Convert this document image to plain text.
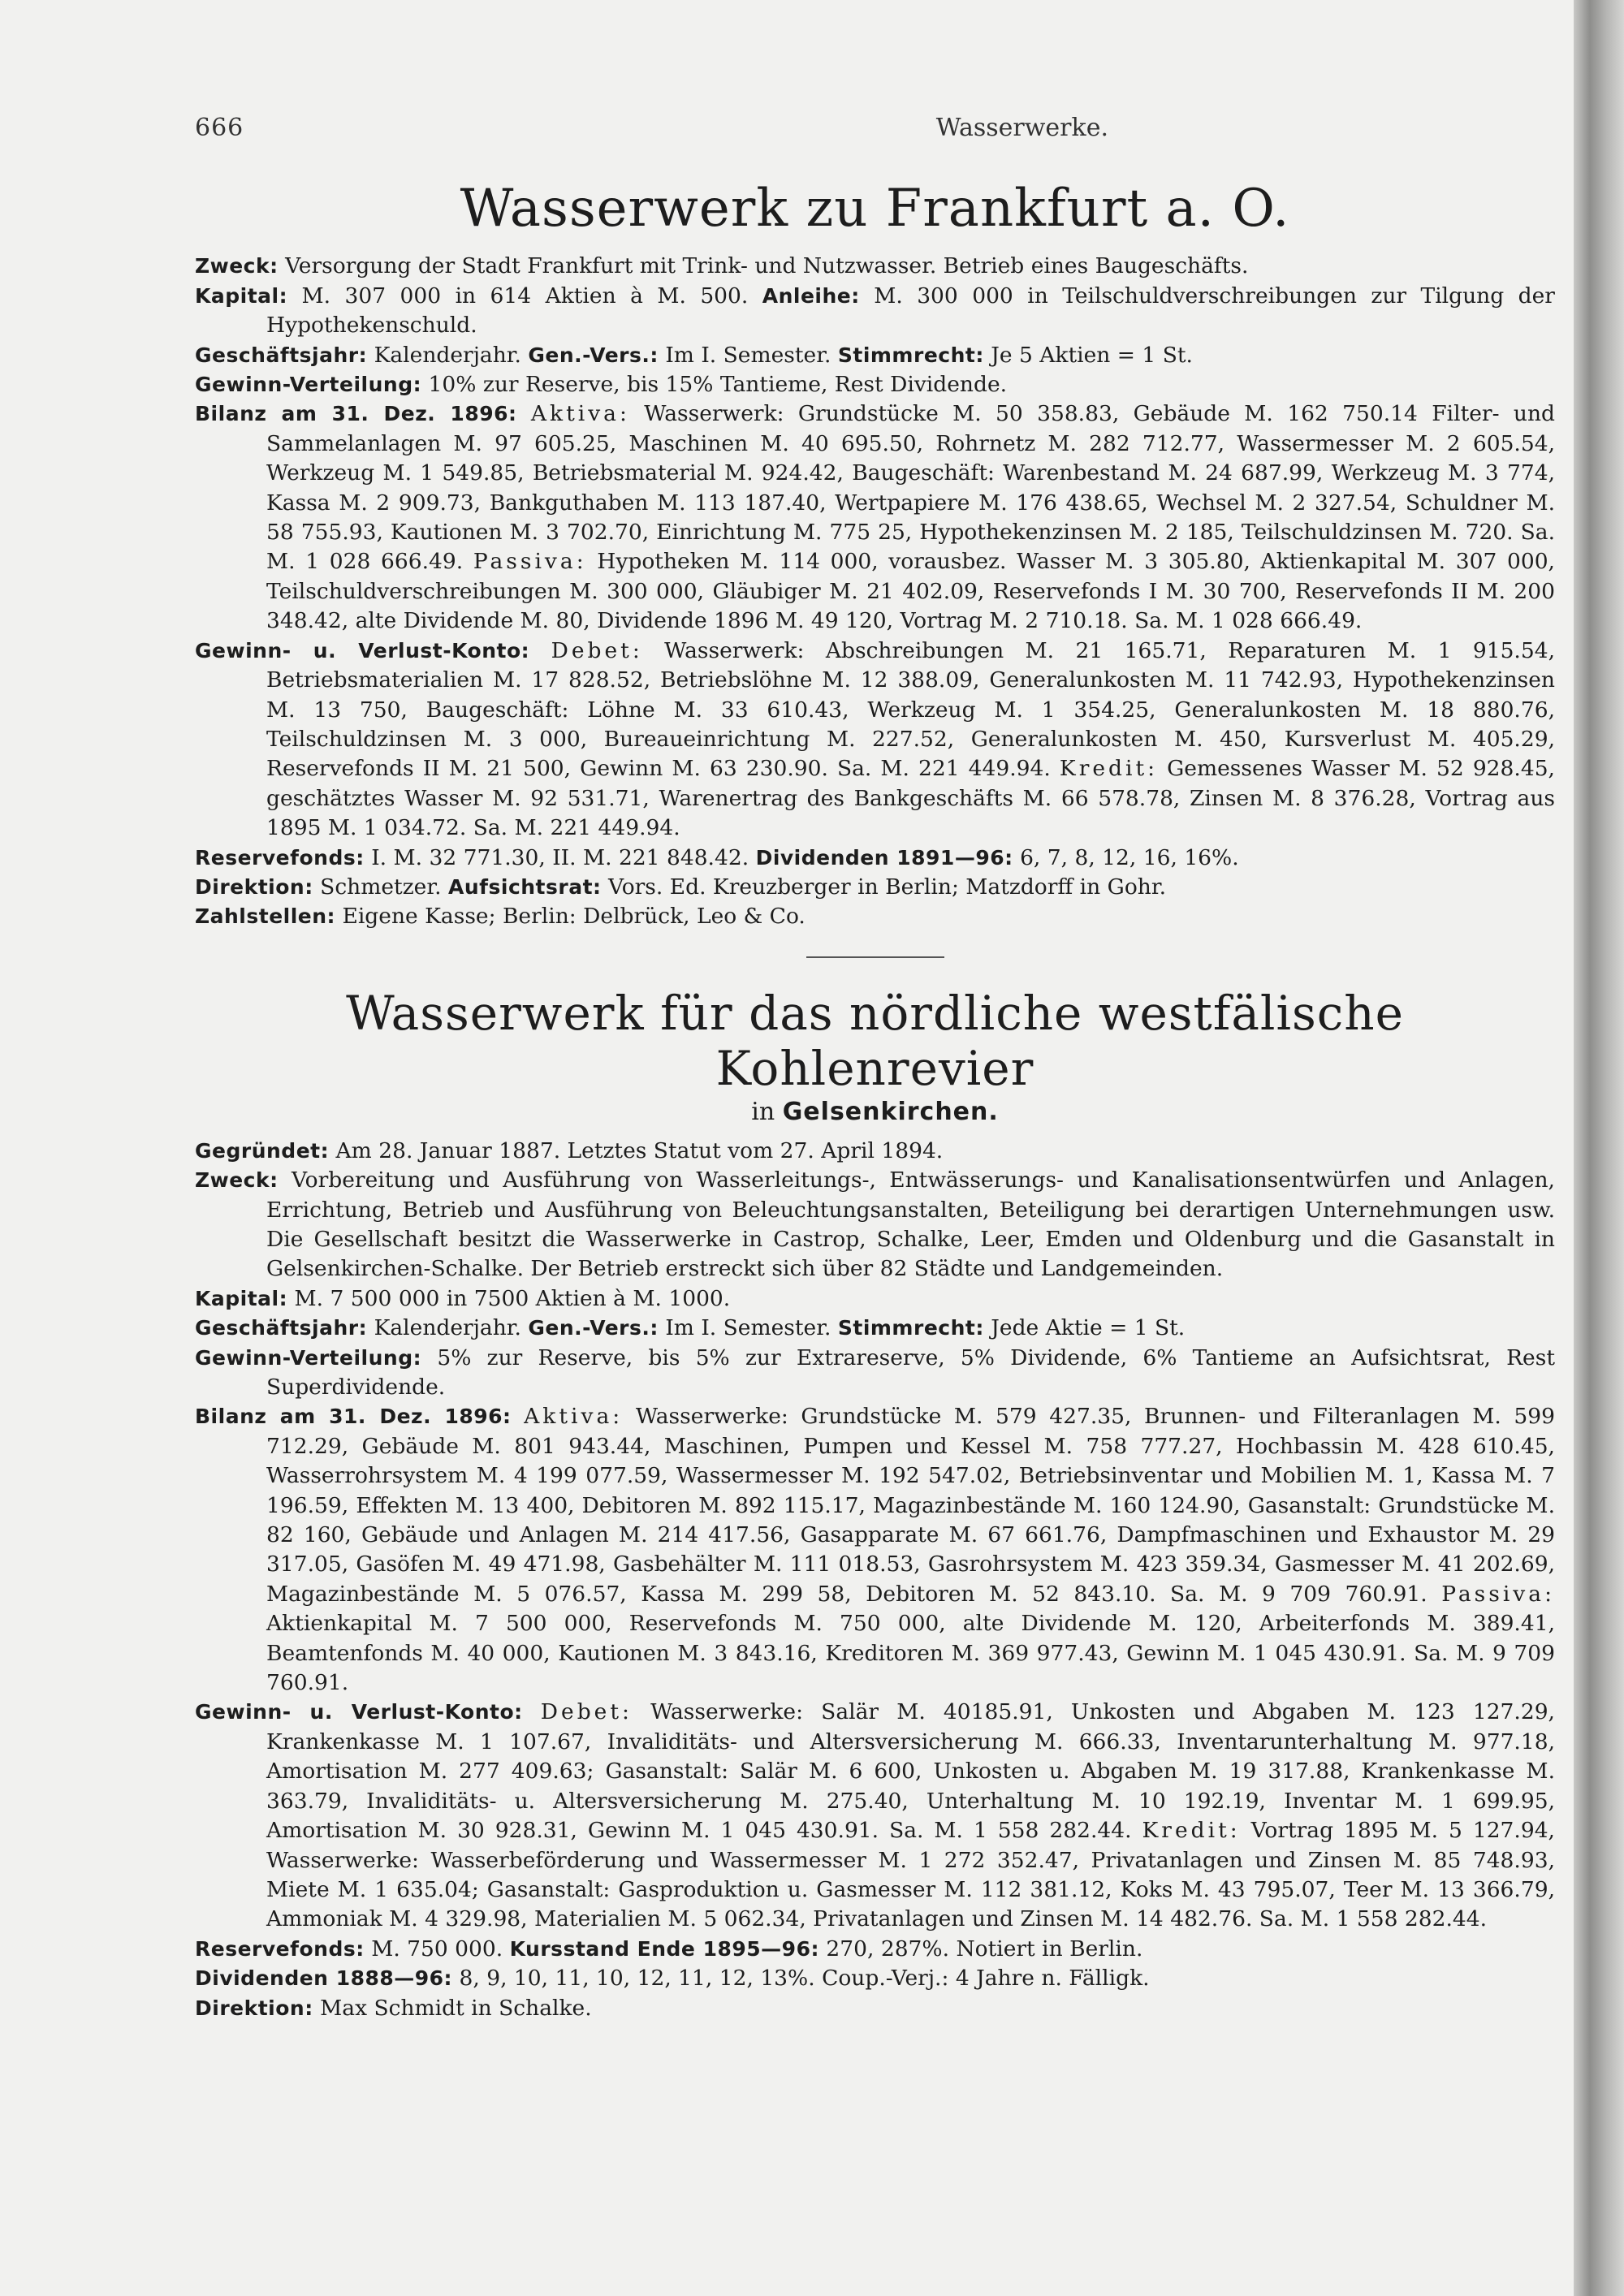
666	Wasserwerke.
Wasserwerk zu Frankfurt a. O.

Zweck: Versorgung der Stadt Frankfurt mit Trink- und Nutzwasser. Betrieb eines Baugeschäfts.

Kapital: M. 307 000 in 614 Aktien à M. 500. Anleihe: M. 300 000 in Teilschuldverschreibungen zur Tilgung der Hypothekenschuld.

Geschäftsjahr: Kalenderjahr. Gen.-Vers.: Im I. Semester. Stimmrecht: Je 5 Aktien = 1 St.

Gewinn-Verteilung: 10% zur Reserve, bis 15% Tantieme, Rest Dividende.

Bilanz am 31. Dez. 1896: Aktiva: Wasserwerk: Grundstücke M. 50 358.83, Gebäude M. 162 750.14 Filter- und Sammelanlagen M. 97 605.25, Maschinen M. 40 695.50, Rohrnetz M. 282 712.77, Wassermesser M. 2 605.54, Werkzeug M. 1 549.85, Betriebsmaterial M. 924.42, Baugeschäft: Warenbestand M. 24 687.99, Werkzeug M. 3 774, Kassa M. 2 909.73, Bankguthaben M. 113 187.40, Wertpapiere M. 176 438.65, Wechsel M. 2 327.54, Schuldner M. 58 755.93, Kautionen M. 3 702.70, Einrichtung M. 775 25, Hypothekenzinsen M. 2 185, Teilschuldzinsen M. 720. Sa. M. 1 028 666.49. Passiva: Hypotheken M. 114 000, vorausbez. Wasser M. 3 305.80, Aktienkapital M. 307 000, Teilschuldverschreibungen M. 300 000, Gläubiger M. 21 402.09, Reservefonds I M. 30 700, Reservefonds II M. 200 348.42, alte Dividende M. 80, Dividende 1896 M. 49 120, Vortrag M. 2 710.18. Sa. M. 1 028 666.49.

Gewinn- u. Verlust-Konto: Debet: Wasserwerk: Abschreibungen M. 21 165.71, Reparaturen M. 1 915.54, Betriebsmaterialien M. 17 828.52, Betriebslöhne M. 12 388.09, Generalunkosten M. 11 742.93, Hypothekenzinsen M. 13 750, Baugeschäft: Löhne M. 33 610.43, Werkzeug M. 1 354.25, Generalunkosten M. 18 880.76, Teilschuldzinsen M. 3 000, Bureaueinrichtung M. 227.52, Generalunkosten M. 450, Kursverlust M. 405.29, Reservefonds II M. 21 500, Gewinn M. 63 230.90. Sa. M. 221 449.94. Kredit: Gemessenes Wasser M. 52 928.45, geschätztes Wasser M. 92 531.71, Warenertrag des Bankgeschäfts M. 66 578.78, Zinsen M. 8 376.28, Vortrag aus 1895 M. 1 034.72. Sa. M. 221 449.94.

Reservefonds: I. M. 32 771.30, II. M. 221 848.42. Dividenden 1891—96: 6, 7, 8, 12, 16, 16%.

Direktion: Schmetzer. Aufsichtsrat: Vors. Ed. Kreuzberger in Berlin; Matzdorff in Gohr.

Zahlstellen: Eigene Kasse; Berlin: Delbrück, Leo & Co.

Wasserwerk für das nördliche westfälische Kohlenrevier
in Gelsenkirchen.

Gegründet: Am 28. Januar 1887. Letztes Statut vom 27. April 1894.

Zweck: Vorbereitung und Ausführung von Wasserleitungs-, Entwässerungs- und Kanalisationsentwürfen und Anlagen, Errichtung, Betrieb und Ausführung von Beleuchtungsanstalten, Beteiligung bei derartigen Unternehmungen usw. Die Gesellschaft besitzt die Wasserwerke in Castrop, Schalke, Leer, Emden und Oldenburg und die Gasanstalt in Gelsenkirchen-Schalke. Der Betrieb erstreckt sich über 82 Städte und Landgemeinden.

Kapital: M. 7 500 000 in 7500 Aktien à M. 1000.

Geschäftsjahr: Kalenderjahr. Gen.-Vers.: Im I. Semester. Stimmrecht: Jede Aktie = 1 St.

Gewinn-Verteilung: 5% zur Reserve, bis 5% zur Extrareserve, 5% Dividende, 6% Tantieme an Aufsichtsrat, Rest Superdividende.

Bilanz am 31. Dez. 1896: Aktiva: Wasserwerke: Grundstücke M. 579 427.35, Brunnen- und Filteranlagen M. 599 712.29, Gebäude M. 801 943.44, Maschinen, Pumpen und Kessel M. 758 777.27, Hochbassin M. 428 610.45, Wasserrohrsystem M. 4 199 077.59, Wassermesser M. 192 547.02, Betriebsinventar und Mobilien M. 1, Kassa M. 7 196.59, Effekten M. 13 400, Debitoren M. 892 115.17, Magazinbestände M. 160 124.90, Gasanstalt: Grundstücke M. 82 160, Gebäude und Anlagen M. 214 417.56, Gasapparate M. 67 661.76, Dampfmaschinen und Exhaustor M. 29 317.05, Gasöfen M. 49 471.98, Gasbehälter M. 111 018.53, Gasrohrsystem M. 423 359.34, Gasmesser M. 41 202.69, Magazinbestände M. 5 076.57, Kassa M. 299 58, Debitoren M. 52 843.10. Sa. M. 9 709 760.91. Passiva: Aktienkapital M. 7 500 000, Reservefonds M. 750 000, alte Dividende M. 120, Arbeiterfonds M. 389.41, Beamtenfonds M. 40 000, Kautionen M. 3 843.16, Kreditoren M. 369 977.43, Gewinn M. 1 045 430.91. Sa. M. 9 709 760.91.

Gewinn- u. Verlust-Konto: Debet: Wasserwerke: Salär M. 40185.91, Unkosten und Abgaben M. 123 127.29, Krankenkasse M. 1 107.67, Invaliditäts- und Altersversicherung M. 666.33, Inventarunterhaltung M. 977.18, Amortisation M. 277 409.63; Gasanstalt: Salär M. 6 600, Unkosten u. Abgaben M. 19 317.88, Krankenkasse M. 363.79, Invaliditäts- u. Altersversicherung M. 275.40, Unterhaltung M. 10 192.19, Inventar M. 1 699.95, Amortisation M. 30 928.31, Gewinn M. 1 045 430.91. Sa. M. 1 558 282.44. Kredit: Vortrag 1895 M. 5 127.94, Wasserwerke: Wasserbeförderung und Wassermesser M. 1 272 352.47, Privatanlagen und Zinsen M. 85 748.93, Miete M. 1 635.04; Gasanstalt: Gasproduktion u. Gasmesser M. 112 381.12, Koks M. 43 795.07, Teer M. 13 366.79, Ammoniak M. 4 329.98, Materialien M. 5 062.34, Privatanlagen und Zinsen M. 14 482.76. Sa. M. 1 558 282.44.

Reservefonds: M. 750 000. Kursstand Ende 1895—96: 270, 287%. Notiert in Berlin.

Dividenden 1888—96: 8, 9, 10, 11, 10, 12, 11, 12, 13%. Coup.-Verj.: 4 Jahre n. Fälligk.

Direktion: Max Schmidt in Schalke.
